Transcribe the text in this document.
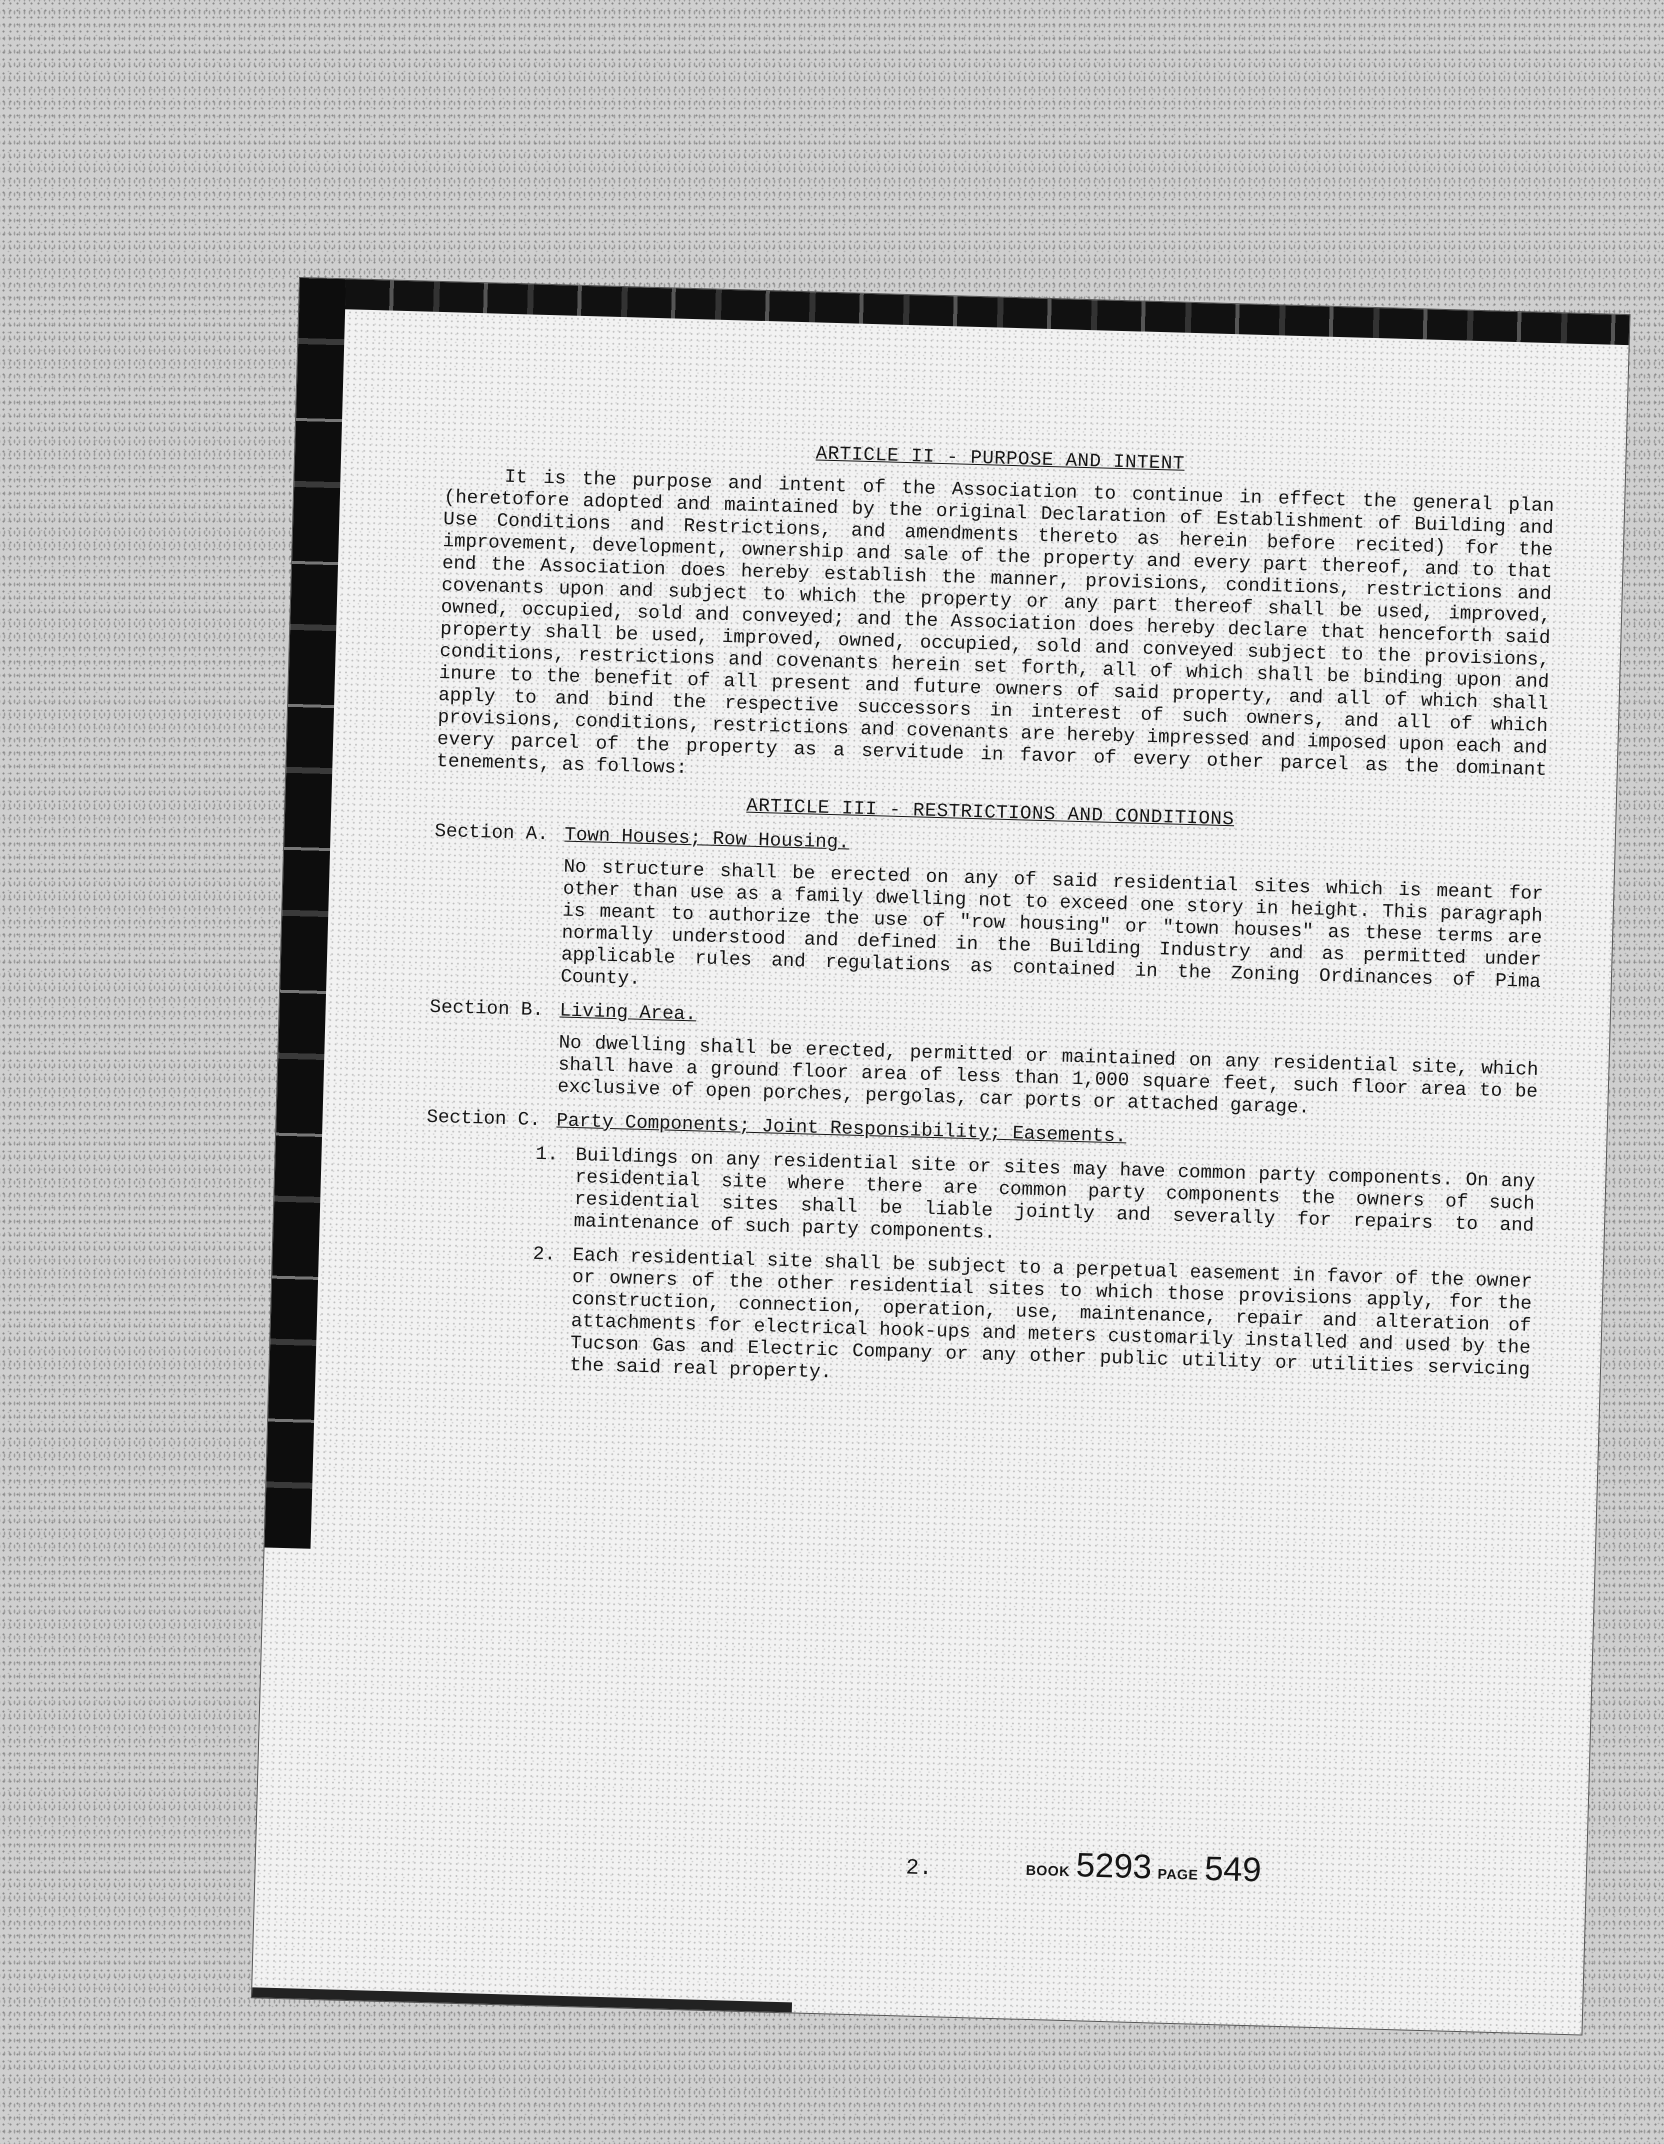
ARTICLE II - PURPOSE AND INTENT

It is the purpose and intent of the Association to continue in effect the general plan (heretofore adopted and maintained by the original Declaration of Establishment of Building and Use Conditions and Restrictions, and amendments thereto as herein before recited) for the improvement, development, ownership and sale of the property and every part thereof, and to that end the Association does hereby establish the manner, provisions, conditions, restrictions and covenants upon and subject to which the property or any part thereof shall be used, improved, owned, occupied, sold and conveyed; and the Association does hereby declare that henceforth said property shall be used, improved, owned, occupied, sold and conveyed subject to the provisions, conditions, restrictions and covenants herein set forth, all of which shall be binding upon and inure to the benefit of all present and future owners of said property, and all of which shall apply to and bind the respective successors in interest of such owners, and all of which provisions, conditions, restrictions and covenants are hereby impressed and imposed upon each and every parcel of the property as a servitude in favor of every other parcel as the dominant tenements, as follows:

ARTICLE III - RESTRICTIONS AND CONDITIONS

Section A. Town Houses; Row Housing.

No structure shall be erected on any of said residential sites which is meant for other than use as a family dwelling not to exceed one story in height. This paragraph is meant to authorize the use of "row housing" or "town houses" as these terms are normally understood and defined in the Building Industry and as permitted under applicable rules and regulations as contained in the Zoning Ordinances of Pima County.

Section B. Living Area.

No dwelling shall be erected, permitted or maintained on any residential site, which shall have a ground floor area of less than 1,000 square feet, such floor area to be exclusive of open porches, pergolas, car ports or attached garage.

Section C. Party Components; Joint Responsibility; Easements.
1. Buildings on any residential site or sites may have common party components. On any residential site where there are common party components the owners of such residential sites shall be liable jointly and severally for repairs to and maintenance of such party components.
2. Each residential site shall be subject to a perpetual easement in favor of the owner or owners of the other residential sites to which those provisions apply, for the construction, connection, operation, use, maintenance, repair and alteration of attachments for electrical hook-ups and meters customarily installed and used by the Tucson Gas and Electric Company or any other public utility or utilities servicing the said real property.
2.	BOOK 5293 PAGE 549
